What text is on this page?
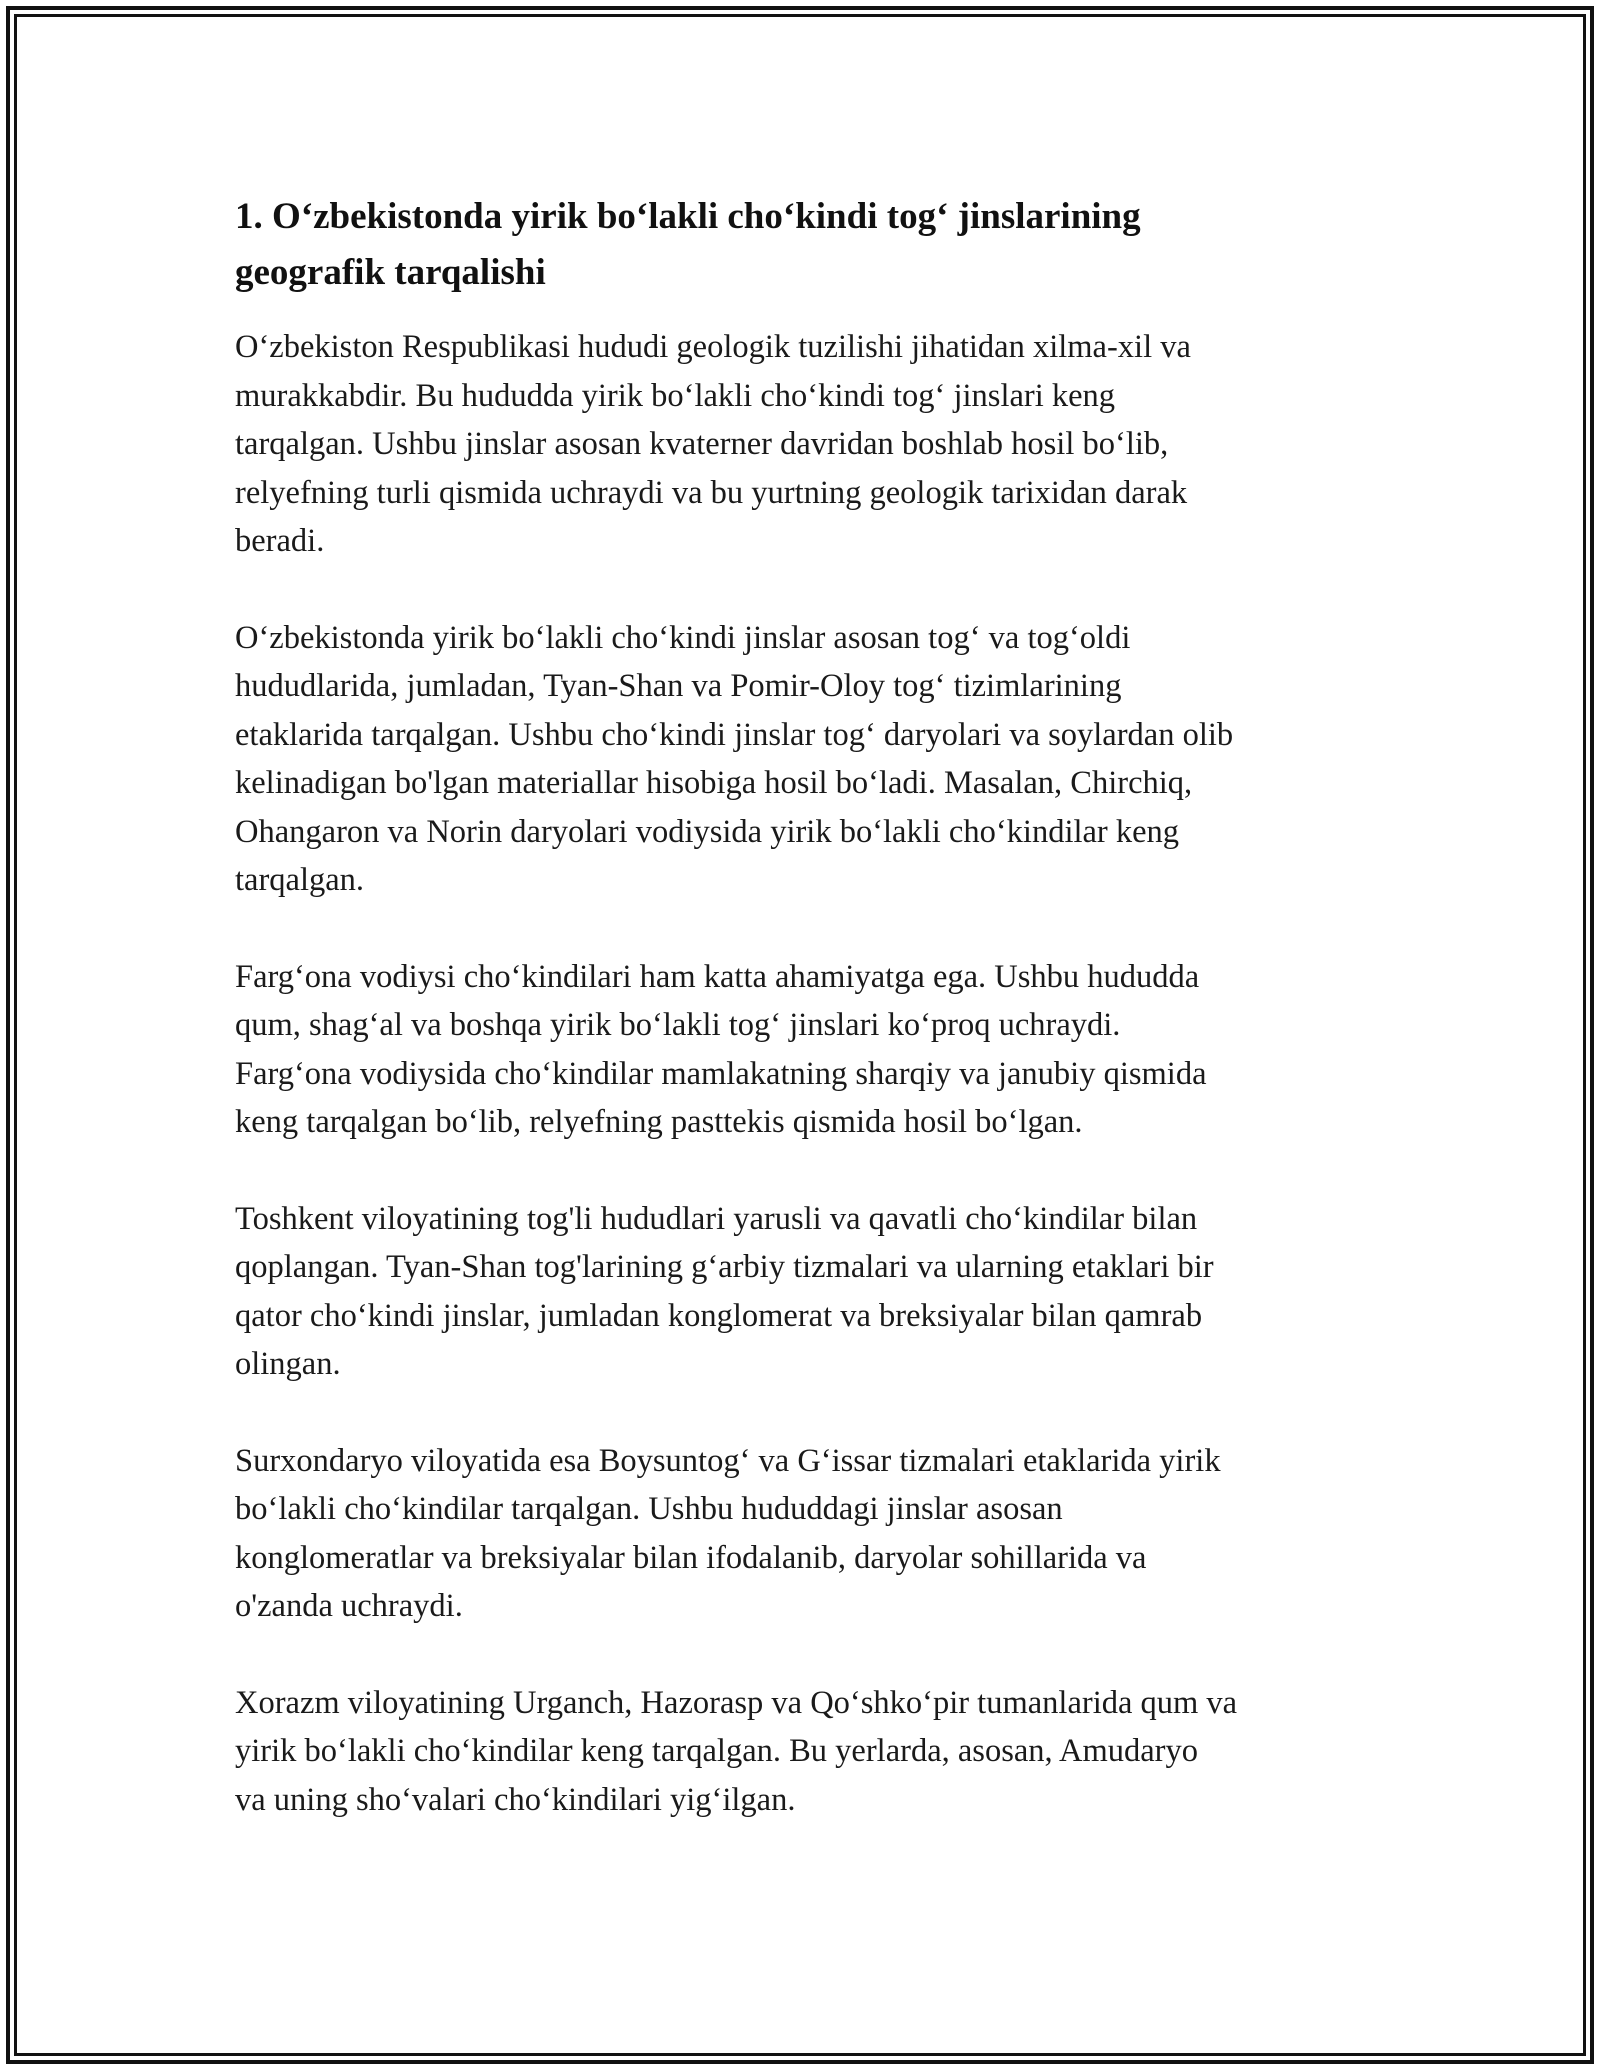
1. O‘zbekistonda yirik bo‘lakli cho‘kindi tog‘ jinslarining
geografik tarqalishi

O‘zbekiston Respublikasi hududi geologik tuzilishi jihatidan xilma-xil va
murakkabdir. Bu hududda yirik bo‘lakli cho‘kindi tog‘ jinslari keng
tarqalgan. Ushbu jinslar asosan kvaterner davridan boshlab hosil bo‘lib,
relyefning turli qismida uchraydi va bu yurtning geologik tarixidan darak
beradi.

O‘zbekistonda yirik bo‘lakli cho‘kindi jinslar asosan tog‘ va tog‘oldi
hududlarida, jumladan, Tyan-Shan va Pomir-Oloy tog‘ tizimlarining
etaklarida tarqalgan. Ushbu cho‘kindi jinslar tog‘ daryolari va soylardan olib
kelinadigan bo'lgan materiallar hisobiga hosil bo‘ladi. Masalan, Chirchiq,
Ohangaron va Norin daryolari vodiysida yirik bo‘lakli cho‘kindilar keng
tarqalgan.

Farg‘ona vodiysi cho‘kindilari ham katta ahamiyatga ega. Ushbu hududda
qum, shag‘al va boshqa yirik bo‘lakli tog‘ jinslari ko‘proq uchraydi.
Farg‘ona vodiysida cho‘kindilar mamlakatning sharqiy va janubiy qismida
keng tarqalgan bo‘lib, relyefning pasttekis qismida hosil bo‘lgan.

Toshkent viloyatining tog'li hududlari yarusli va qavatli cho‘kindilar bilan
qoplangan. Tyan-Shan tog'larining g‘arbiy tizmalari va ularning etaklari bir
qator cho‘kindi jinslar, jumladan konglomerat va breksiyalar bilan qamrab
olingan.

Surxondaryo viloyatida esa Boysuntog‘ va G‘issar tizmalari etaklarida yirik
bo‘lakli cho‘kindilar tarqalgan. Ushbu hududdagi jinslar asosan
konglomeratlar va breksiyalar bilan ifodalanib, daryolar sohillarida va
o'zanda uchraydi.

Xorazm viloyatining Urganch, Hazorasp va Qo‘shko‘pir tumanlarida qum va
yirik bo‘lakli cho‘kindilar keng tarqalgan. Bu yerlarda, asosan, Amudaryo
va uning sho‘valari cho‘kindilari yig‘ilgan.
